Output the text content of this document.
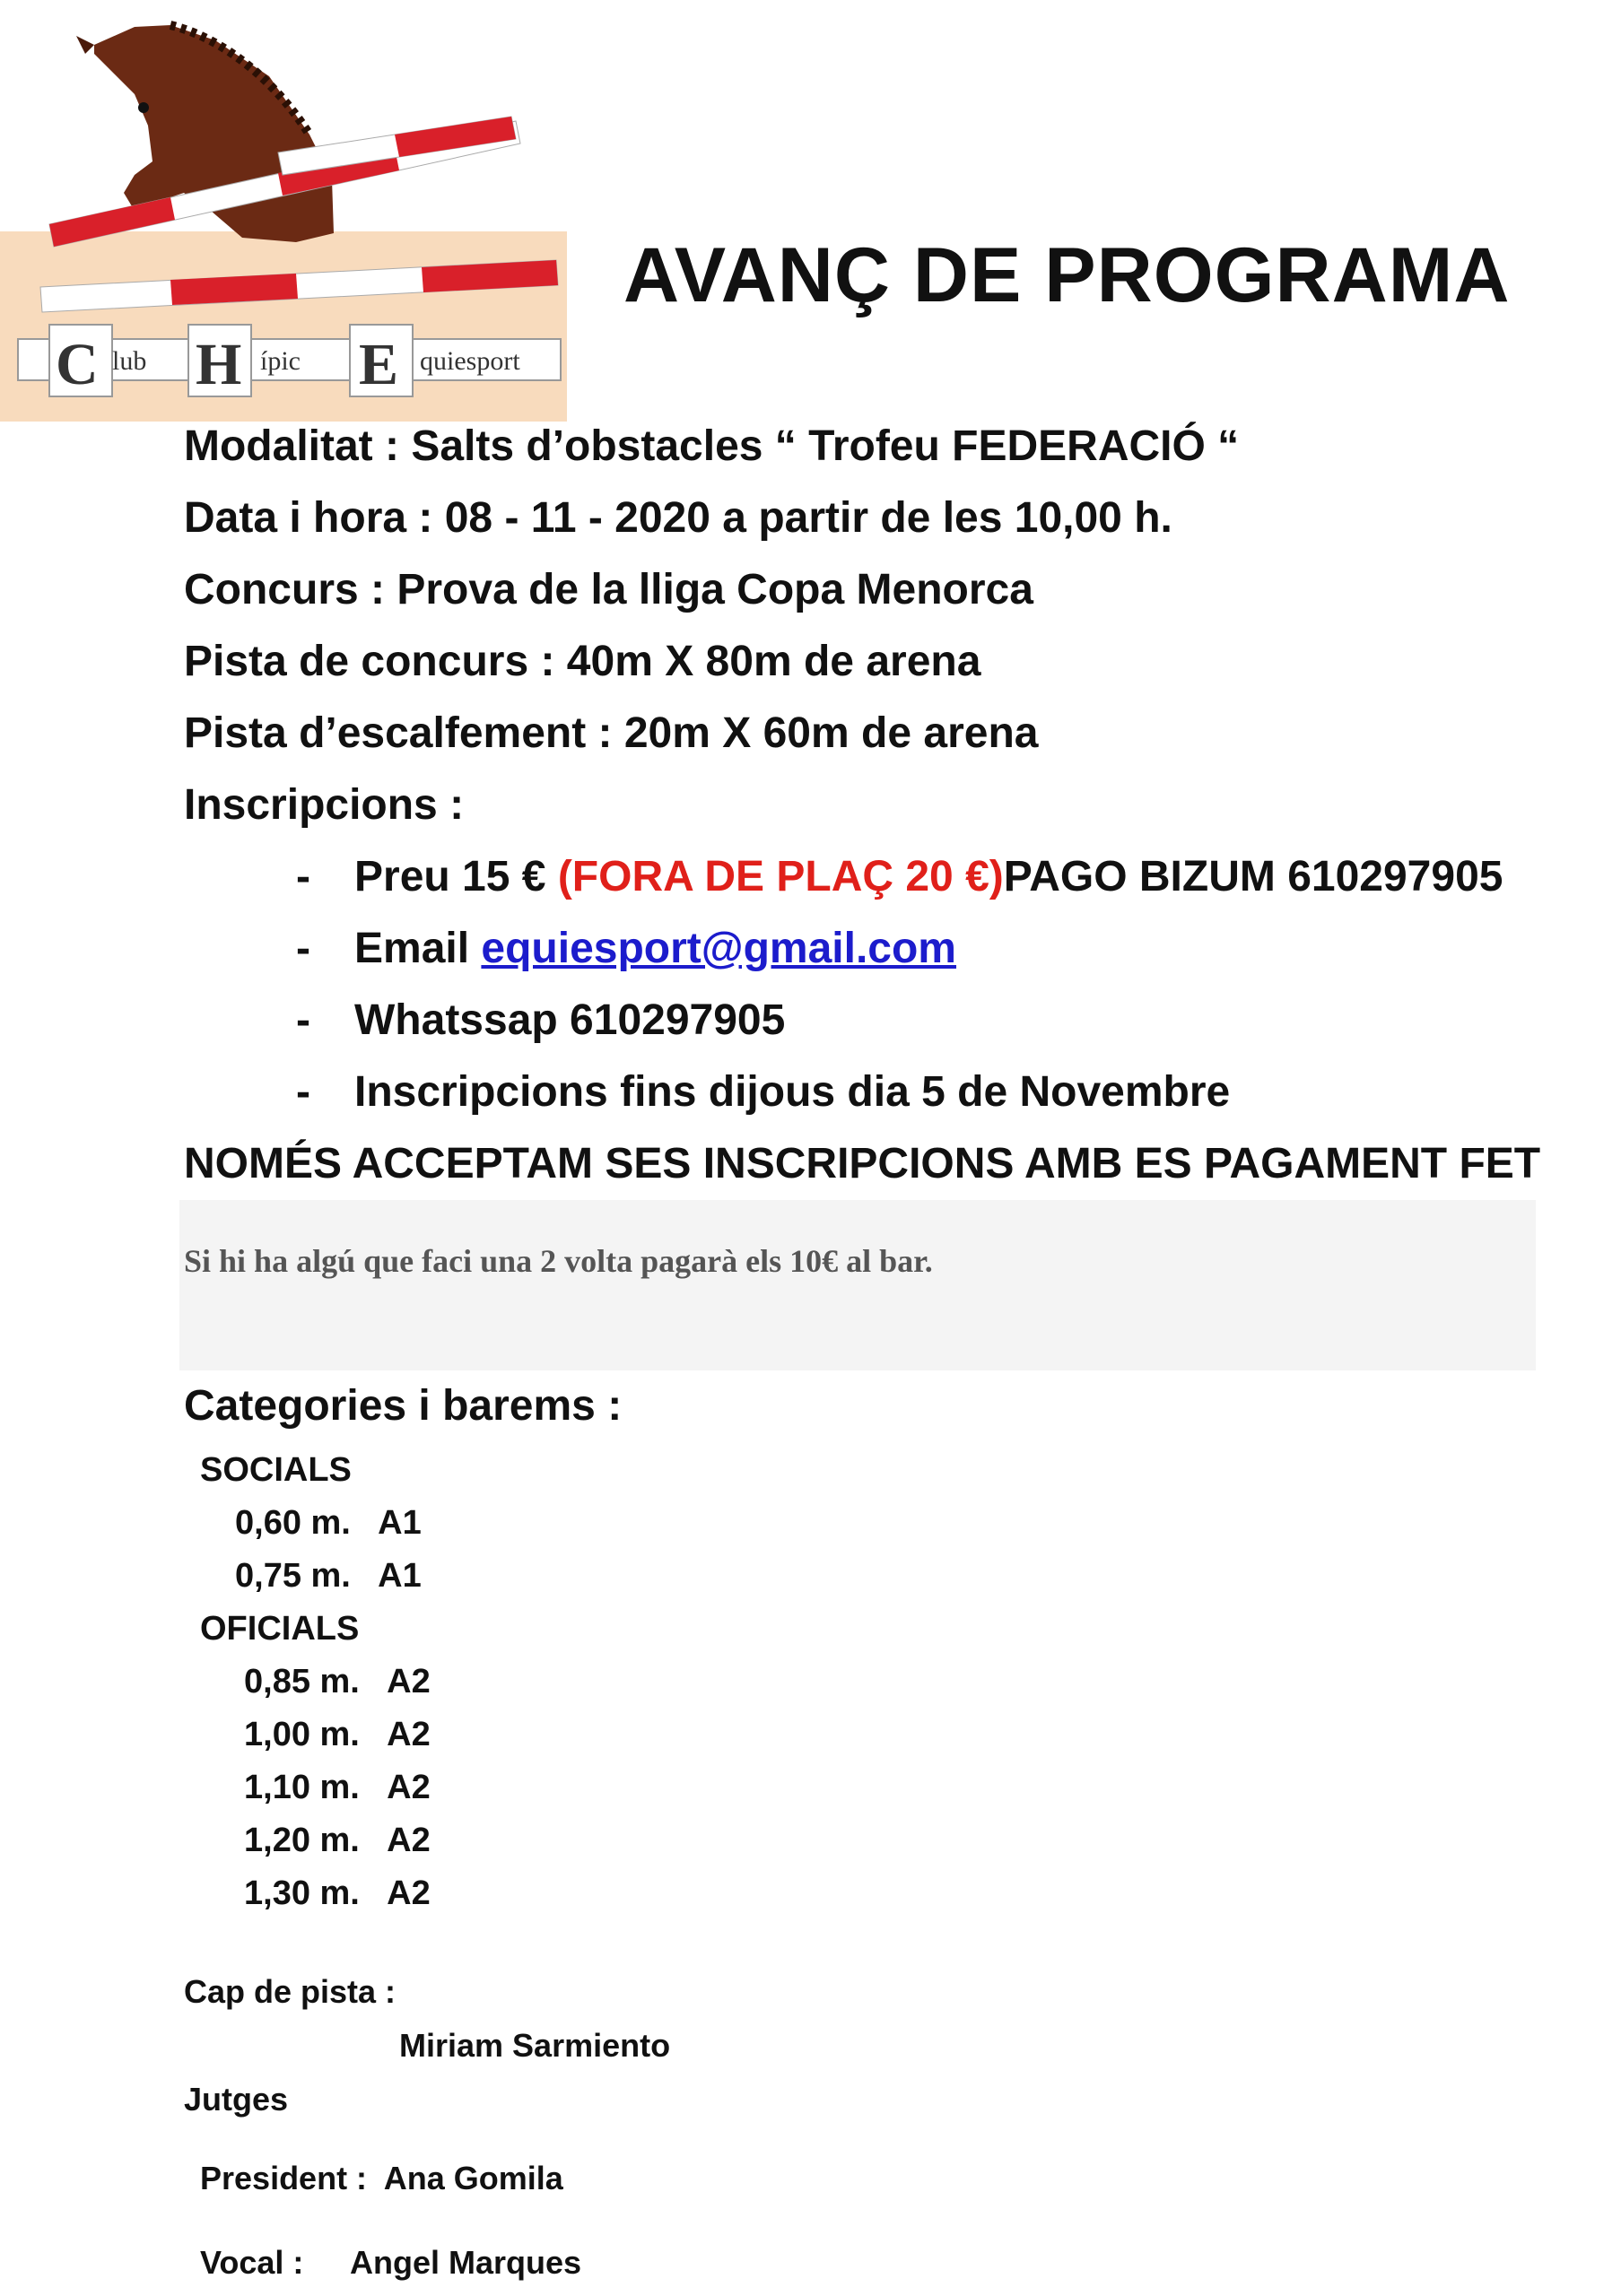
C lub H ípic E quiesport
AVANÇ DE PROGRAMA
Modalitat : Salts d’obstacles “ Trofeu FEDERACIÓ “
Data i hora : 08 - 11 - 2020 a partir de les 10,00 h.
Concurs : Prova de la lliga Copa Menorca
Pista de concurs : 40m X 80m de arena
Pista d’escalfement : 20m X 60m de arena
Inscripcions :
- Preu 15 € (FORA DE PLAÇ 20 €)PAGO BIZUM 610297905
- Email equiesport@gmail.com
- Whatssap 610297905
- Inscripcions fins dijous dia 5 de Novembre
NOMÉS ACCEPTAM SES INSCRIPCIONS AMB ES PAGAMENT FET
Si hi ha algú que faci una 2 volta pagarà els 10€ al bar.
Categories i barems :
SOCIALS
0,60 m.   A1
0,75 m.   A1
OFICIALS
0,85 m.   A2
1,00 m.   A2
1,10 m.   A2
1,20 m.   A2
1,30 m.   A2
Cap de pista :
Miriam Sarmiento
Jutges
President :  Ana Gomila
Vocal : Angel Marques
